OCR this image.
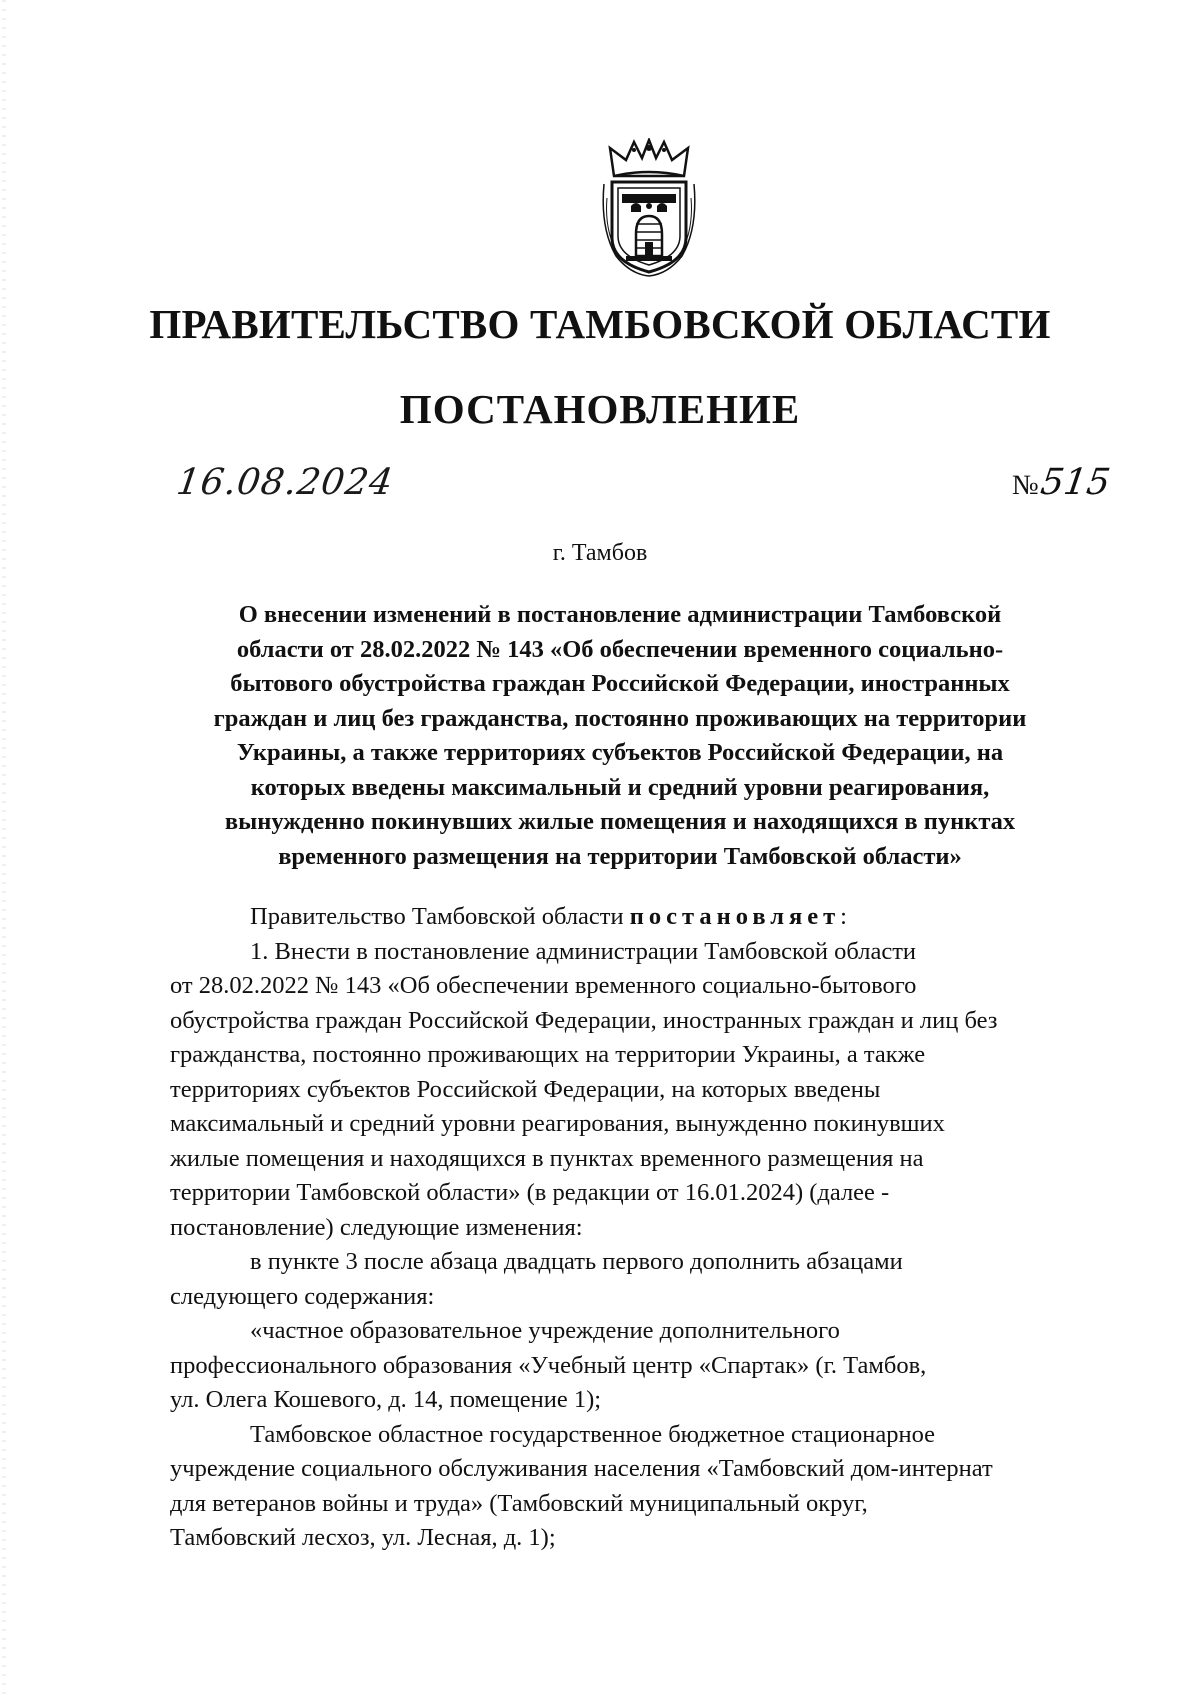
ПРАВИТЕЛЬСТВО ТАМБОВСКОЙ ОБЛАСТИ
ПОСТАНОВЛЕНИЕ
16.08.2024	№515
г. Тамбов
О внесении изменений в постановление администрации Тамбовской
области от 28.02.2022 № 143 «Об обеспечении временного социально-
бытового обустройства граждан Российской Федерации, иностранных
граждан и лиц без гражданства, постоянно проживающих на территории
Украины, а также территориях субъектов Российской Федерации, на
которых введены максимальный и средний уровни реагирования,
вынужденно покинувших жилые помещения и находящихся в пунктах
временного размещения на территории Тамбовской области»

Правительство Тамбовской области постановляет:

1. Внести в постановление администрации Тамбовской области

от 28.02.2022 № 143 «Об обеспечении временного социально-бытового

обустройства граждан Российской Федерации, иностранных граждан и лиц без

гражданства, постоянно проживающих на территории Украины, а также

территориях субъектов Российской Федерации, на которых введены

максимальный и средний уровни реагирования, вынужденно покинувших

жилые помещения и находящихся в пунктах временного размещения на

территории Тамбовской области» (в редакции от 16.01.2024) (далее -

постановление) следующие изменения:

в пункте 3 после абзаца двадцать первого дополнить абзацами

следующего содержания:

«частное образовательное учреждение дополнительного

профессионального образования «Учебный центр «Спартак» (г. Тамбов,

ул. Олега Кошевого, д. 14, помещение 1);

Тамбовское областное государственное бюджетное стационарное

учреждение социального обслуживания населения «Тамбовский дом-интернат

для ветеранов войны и труда» (Тамбовский муниципальный округ,

Тамбовский лесхоз, ул. Лесная, д. 1);
